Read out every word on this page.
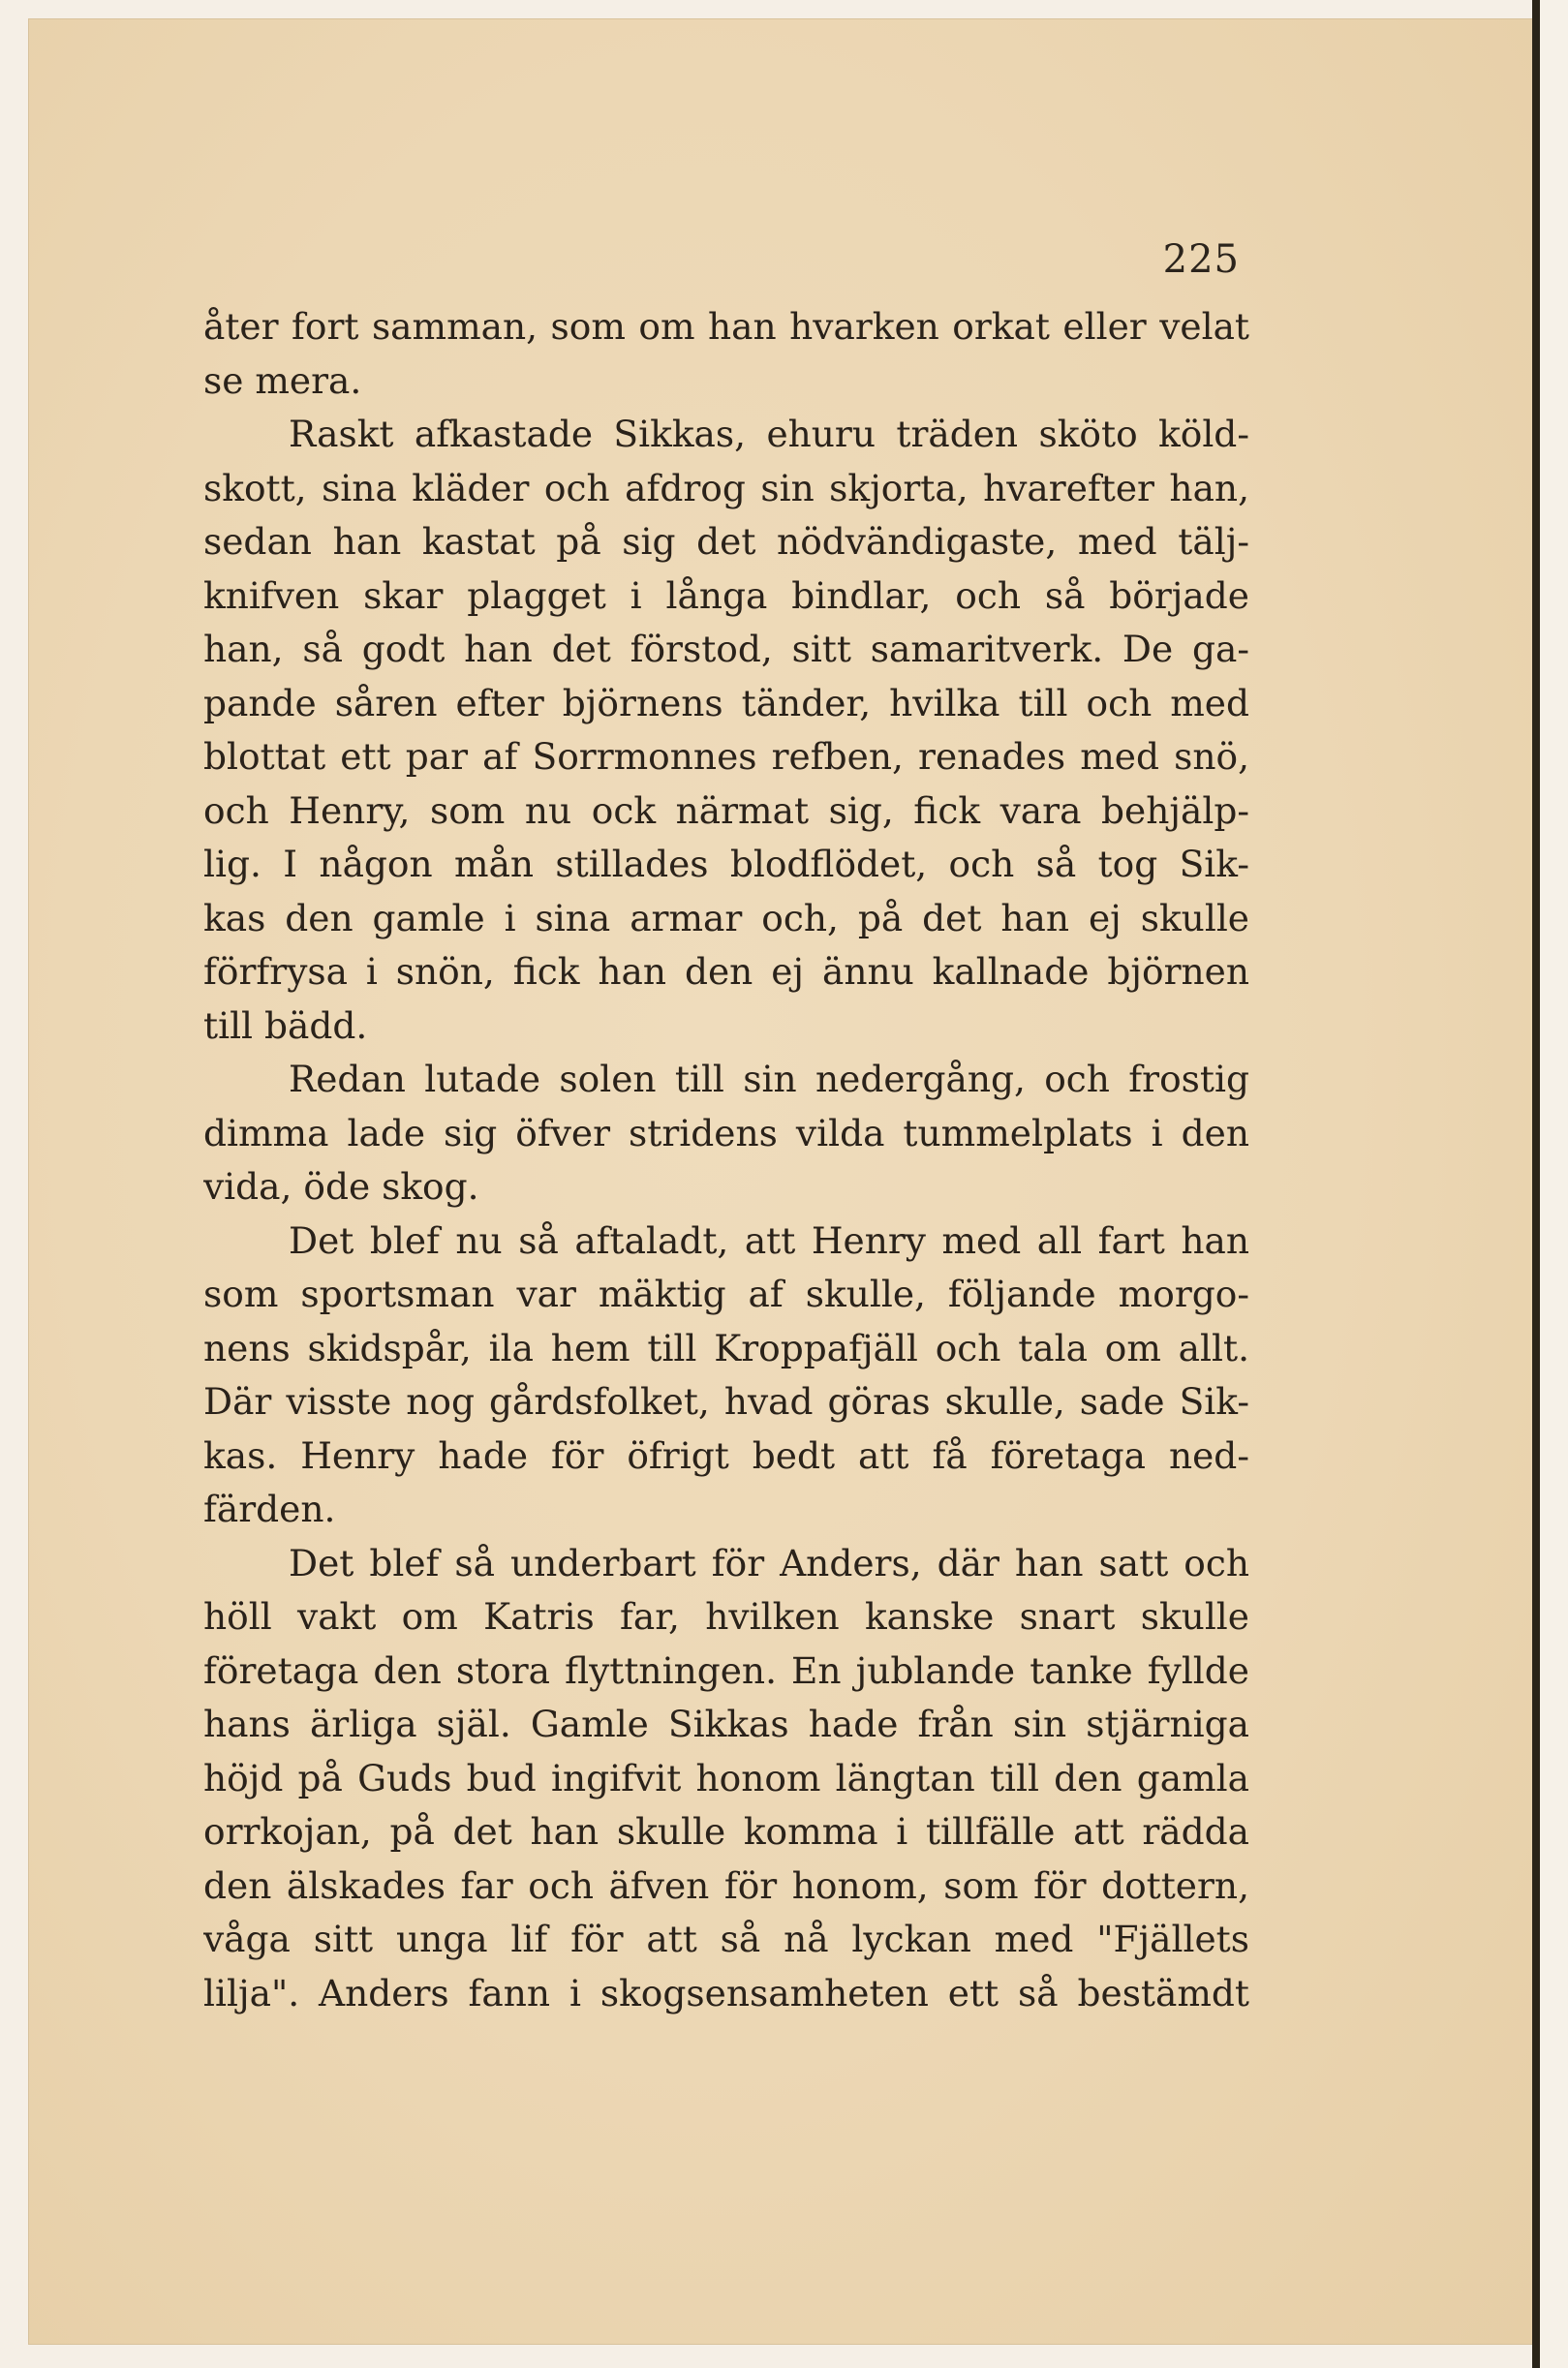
225
åter fort samman, som om han hvarken orkat eller velat
se mera.
Raskt afkastade Sikkas, ehuru träden sköto köld-
skott, sina kläder och afdrog sin skjorta, hvarefter han,
sedan han kastat på sig det nödvändigaste, med tälj-
knifven skar plagget i långa bindlar, och så började
han, så godt han det förstod, sitt samaritverk. De ga-
pande såren efter björnens tänder, hvilka till och med
blottat ett par af Sorrmonnes refben, renades med snö,
och Henry, som nu ock närmat sig, fick vara behjälp-
lig. I någon mån stillades blodflödet, och så tog Sik-
kas den gamle i sina armar och, på det han ej skulle
förfrysa i snön, fick han den ej ännu kallnade björnen
till bädd.
Redan lutade solen till sin nedergång, och frostig
dimma lade sig öfver stridens vilda tummelplats i den
vida, öde skog.
Det blef nu så aftaladt, att Henry med all fart han
som sportsman var mäktig af skulle, följande morgo-
nens skidspår, ila hem till Kroppafjäll och tala om allt.
Där visste nog gårdsfolket, hvad göras skulle, sade Sik-
kas. Henry hade för öfrigt bedt att få företaga ned-
färden.
Det blef så underbart för Anders, där han satt och
höll vakt om Katris far, hvilken kanske snart skulle
företaga den stora flyttningen. En jublande tanke fyllde
hans ärliga själ. Gamle Sikkas hade från sin stjärniga
höjd på Guds bud ingifvit honom längtan till den gamla
orrkojan, på det han skulle komma i tillfälle att rädda
den älskades far och äfven för honom, som för dottern,
våga sitt unga lif för att så nå lyckan med "Fjällets
lilja". Anders fann i skogsensamheten ett så bestämdt
